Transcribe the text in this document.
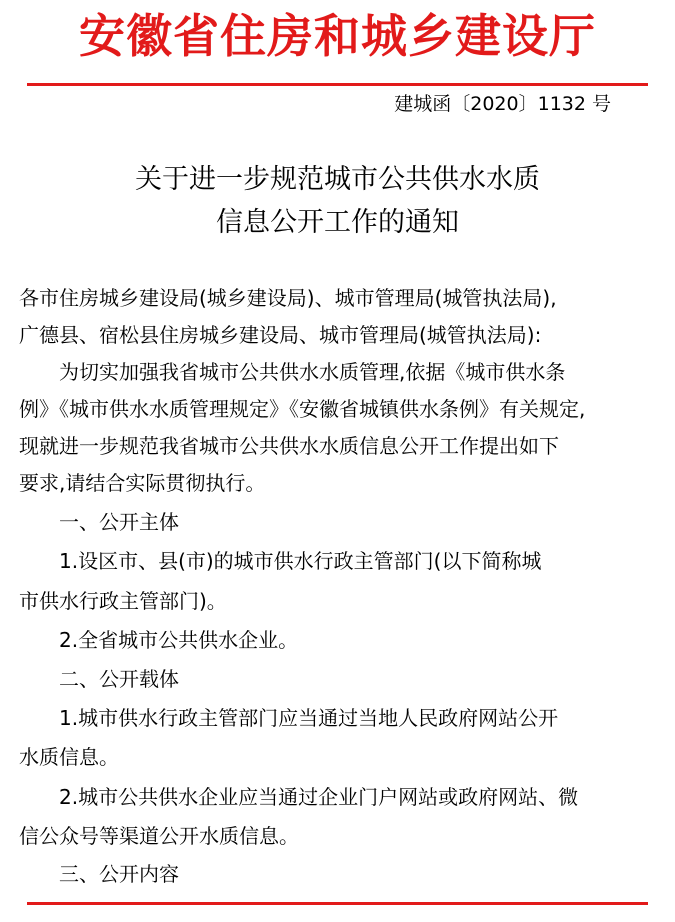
安徽省住房和城乡建设厅
建城函〔2020〕1132 号
关于进一步规范城市公共供水水质
信息公开工作的通知
各市住房城乡建设局(城乡建设局)、城市管理局(城管执法局),
广德县、宿松县住房城乡建设局、城市管理局(城管执法局):
　　为切实加强我省城市公共供水水质管理,依据《城市供水条
例》《城市供水水质管理规定》《安徽省城镇供水条例》有关规定,
现就进一步规范我省城市公共供水水质信息公开工作提出如下
要求,请结合实际贯彻执行。
　　一、公开主体
　　1.设区市、县(市)的城市供水行政主管部门(以下简称城
市供水行政主管部门)。
　　2.全省城市公共供水企业。
　　二、公开载体
　　1.城市供水行政主管部门应当通过当地人民政府网站公开
水质信息。
　　2.城市公共供水企业应当通过企业门户网站或政府网站、微
信公众号等渠道公开水质信息。
　　三、公开内容
